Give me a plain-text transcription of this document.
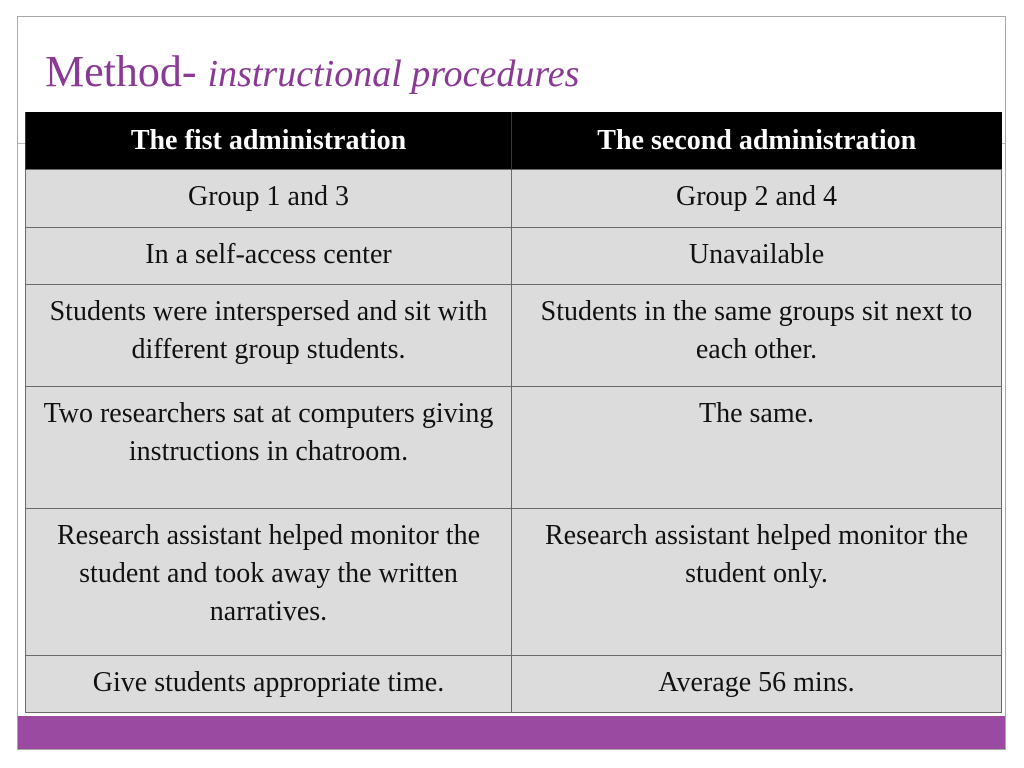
Method- instructional procedures
The fist administration	The second administration
Group 1 and 3	Group 2 and 4
In a self-access center	Unavailable
Students were interspersed and sit with different group students.	Students in the same groups sit next to each other.
Two researchers sat at computers giving instructions in chatroom.	The same.
Research assistant helped monitor the student and took away the written narratives.	Research assistant helped monitor the student only.
Give students appropriate time.	Average 56 mins.
